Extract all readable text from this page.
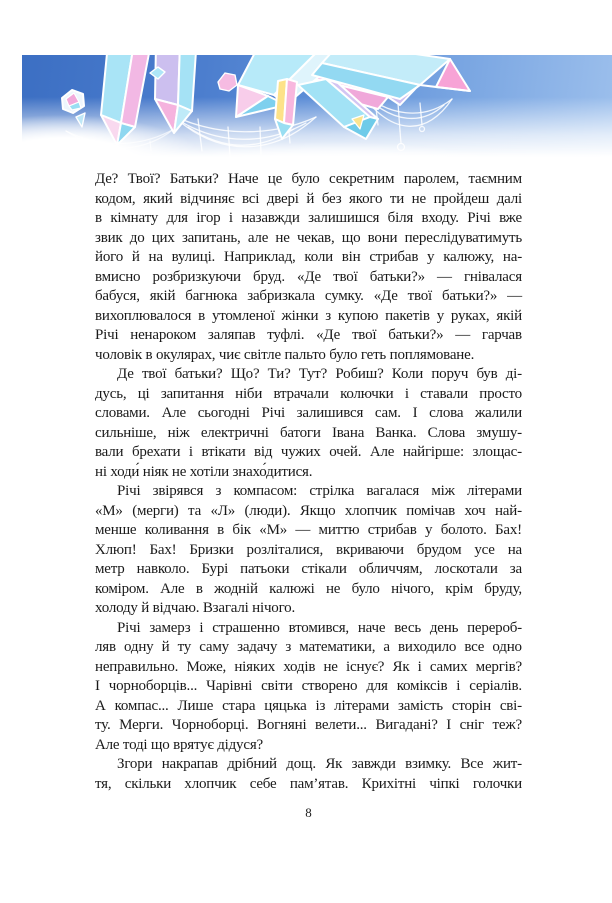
Де? Твої? Батьки? Наче це було секретним паролем, таємним
кодом, який відчиняє всі двері й без якого ти не пройдеш далі
в кімнату для ігор і назавжди залишишся біля входу. Річі вже
звик до цих запитань, але не чекав, що вони переслідуватимуть
його й на вулиці. Наприклад, коли він стрибав у калюжу, на-
вмисно розбризкуючи бруд. «Де твої батьки?» — гнівалася
бабуся, якій багнюка забризкала сумку. «Де твої батьки?» —
вихоплювалося в утомленої жінки з купою пакетів у руках, якій
Річі ненароком заляпав туфлі. «Де твої батьки?» — гарчав
чоловік в окулярах, чиє світле пальто було геть поплямоване.
Де твої батьки? Що? Ти? Тут? Робиш? Коли поруч був ді-
дусь, ці запитання ніби втрачали колючки і ставали просто
словами. Але сьогодні Річі залишився сам. І слова жалили
сильніше, ніж електричні батоги Івана Ванка. Слова змушу-
вали брехати і втікати від чужих очей. Але найгірше: злощас-
ні ходи́ ніяк не хотіли знахо́дитися.
Річі звірявся з компасом: стрілка вагалася між літерами
«М» (мерги) та «Л» (люди). Якщо хлопчик помічав хоч най-
менше коливання в бік «М» — миттю стрибав у болото. Бах!
Хлюп! Бах! Бризки розліталися, вкриваючи брудом усе на
метр навколо. Бурі патьоки стікали обличчям, лоскотали за
коміром. Але в жодній калюжі не було нічого, крім бруду,
холоду й відчаю. Взагалі нічого.
Річі замерз і страшенно втомився, наче весь день перероб-
ляв одну й ту саму задачу з математики, а виходило все одно
неправильно. Може, ніяких ходів не існує? Як і самих мергів?
І чорноборців... Чарівні світи створено для коміксів і серіалів.
А компас... Лише стара цяцька із літерами замість сторін сві-
ту. Мерги. Чорноборці. Вогняні велети... Вигадані? І сніг теж?
Але тоді що врятує дідуся?
Згори накрапав дрібний дощ. Як завжди взимку. Все жит-
тя, скільки хлопчик себе пам’ятав. Крихітні чіпкі голочки
8
